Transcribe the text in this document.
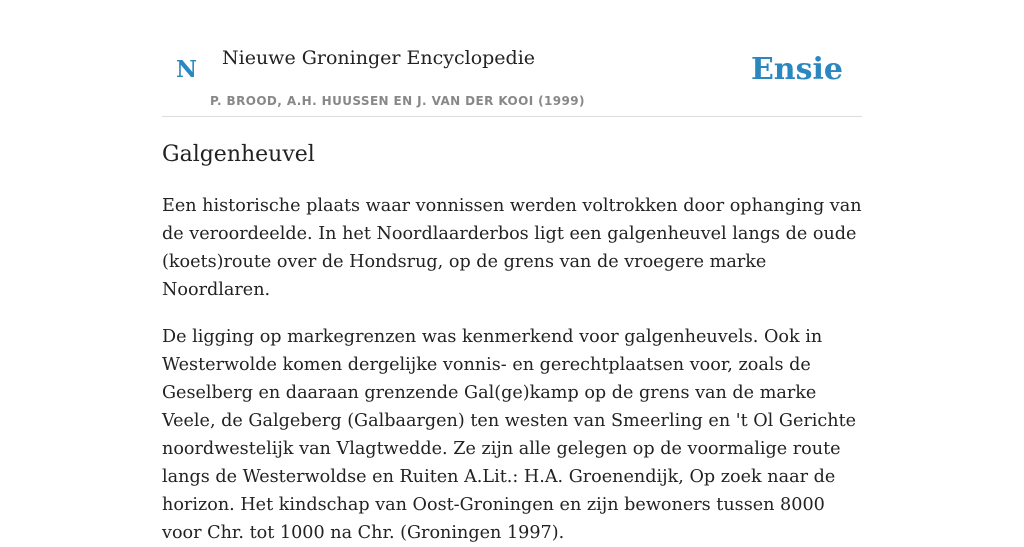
N Nieuwe Groninger Encyclopedie
P. BROOD, A.H. HUUSSEN EN J. VAN DER KOOI (1999)
Ensie
Galgenheuvel

Een historische plaats waar vonnissen werden voltrokken door ophanging van de veroordeelde. In het Noordlaarderbos ligt een galgenheuvel langs de oude (koets)route over de Hondsrug, op de grens van de vroegere marke Noordlaren.

De ligging op markegrenzen was kenmerkend voor galgenheuvels. Ook in Westerwolde komen dergelijke vonnis- en gerechtplaatsen voor, zoals de Geselberg en daaraan grenzende Gal(ge)kamp op de grens van de marke Veele, de Galgeberg (Galbaargen) ten westen van Smeerling en 't Ol Gerichte noordwestelijk van Vlagtwedde. Ze zijn alle gelegen op de voormalige route langs de Westerwoldse en Ruiten A.Lit.: H.A. Groenendijk, Op zoek naar de horizon. Het kindschap van Oost-Groningen en zijn bewoners tussen 8000 voor Chr. tot 1000 na Chr. (Groningen 1997).
